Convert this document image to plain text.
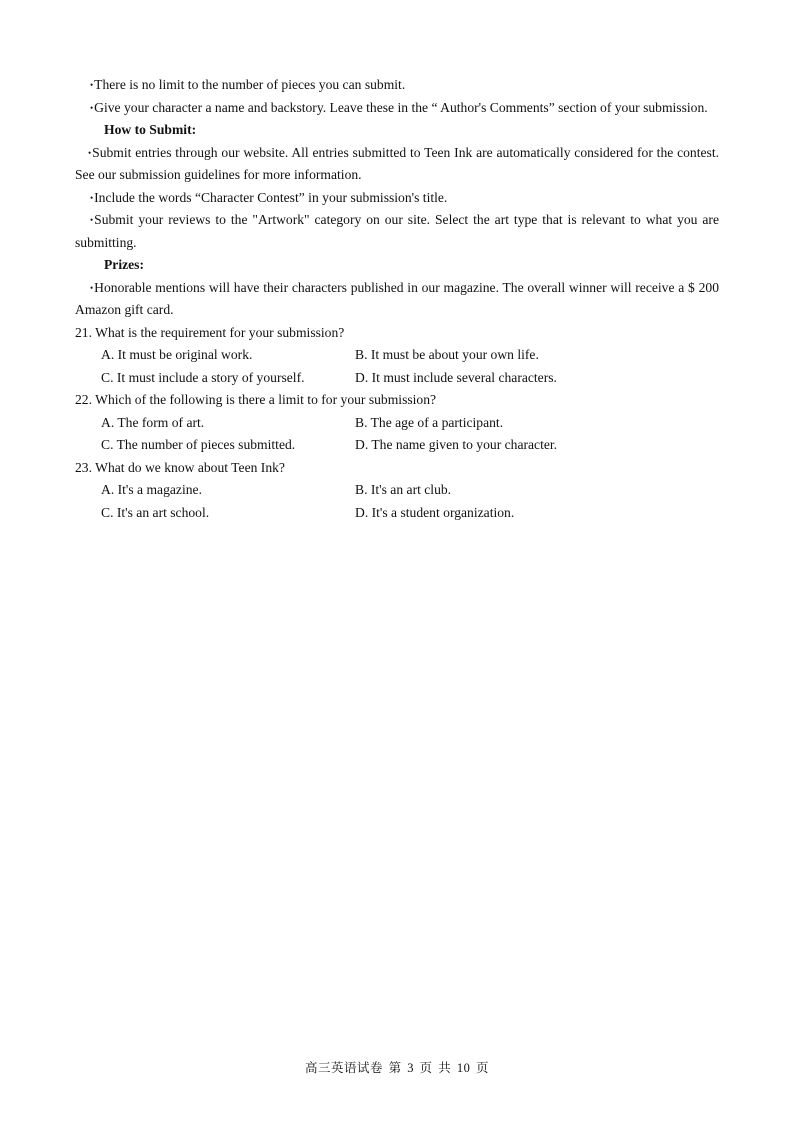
•There is no limit to the number of pieces you can submit.

•Give your character a name and backstory. Leave these in the “ Author's Comments” section of your submission.

How to Submit:

•Submit entries through our website. All entries submitted to Teen Ink are automatically considered for the contest. See our submission guidelines for more information.

•Include the words “Character Contest” in your submission's title.

•Submit your reviews to the "Artwork" category on our site. Select the art type that is relevant to what you are submitting.

Prizes:

•Honorable mentions will have their characters published in our magazine. The overall winner will receive a $ 200 Amazon gift card.

21. What is the requirement for your submission?

A. It must be original work.	B. It must be about your own life.
C. It must include a story of yourself.	D. It must include several characters.

22. Which of the following is there a limit to for your submission?

A. The form of art.	B. The age of a participant.
C. The number of pieces submitted.	D. The name given to your character.

23. What do we know about Teen Ink?

A. It's a magazine.	B. It's an art club.
C. It's an art school.	D. It's a student organization.
高三英语试卷 第 3 页 共 10 页
